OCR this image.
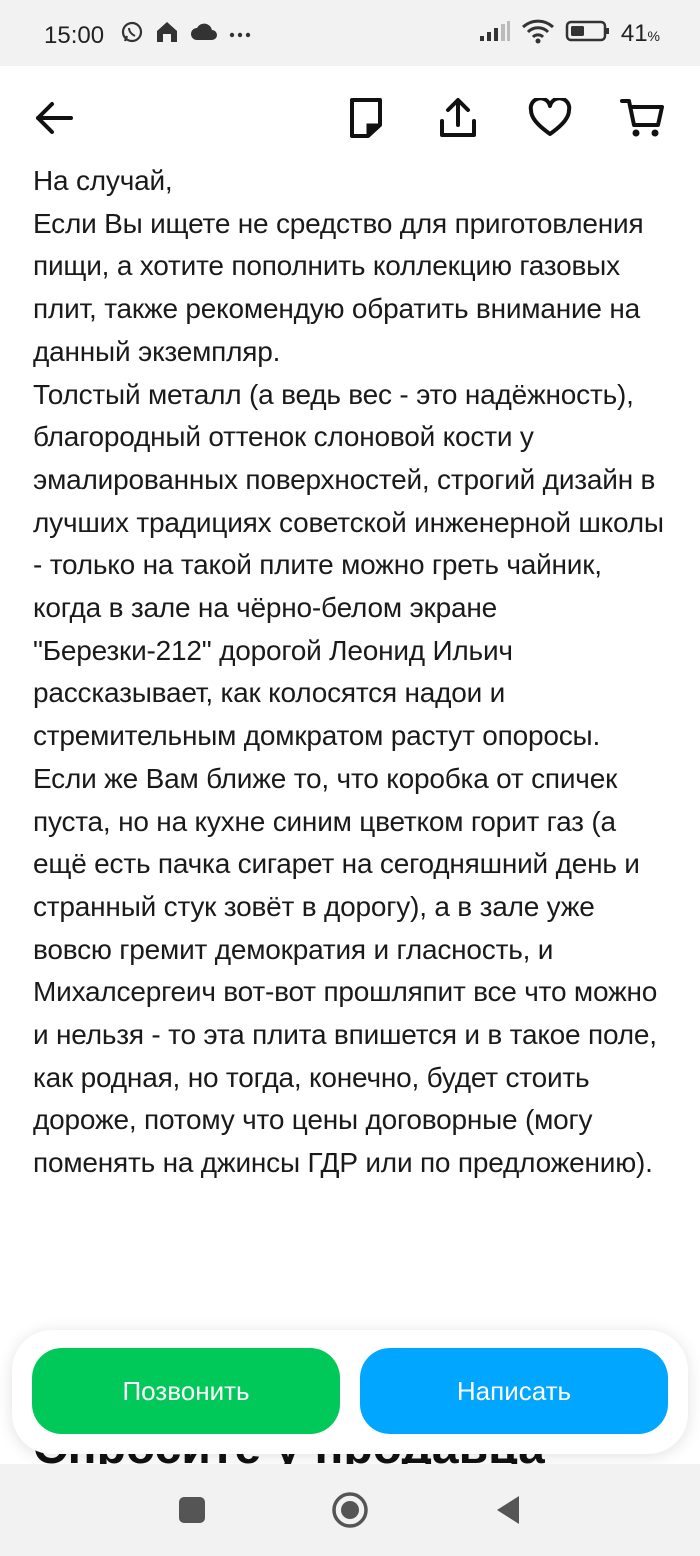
15:00	41%

На случай,
Если Вы ищете не средство для приготовления пищи, а хотите пополнить коллекцию газовых плит, также рекомендую обратить внимание на данный экземпляр.
Толстый металл (а ведь вес - это надёжность), благородный оттенок слоновой кости у эмалированных поверхностей, строгий дизайн в лучших традициях советской инженерной школы - только на такой плите можно греть чайник, когда в зале на чёрно-белом экране "Березки-212" дорогой Леонид Ильич рассказывает, как колосятся надои и стремительным домкратом растут опоросы.
Если же Вам ближе то, что коробка от спичек пуста, но на кухне синим цветком горит газ (а ещё есть пачка сигарет на сегодняшний день и странный стук зовёт в дорогу), а в зале уже вовсю гремит демократия и гласность, и Михалсергеич вот-вот прошляпит все что можно и нельзя - то эта плита впишется и в такое поле, как родная, но тогда, конечно, будет стоить дороже, потому что цены договорные (могу поменять на джинсы ГДР или по предложению).

Позвонить	Написать
